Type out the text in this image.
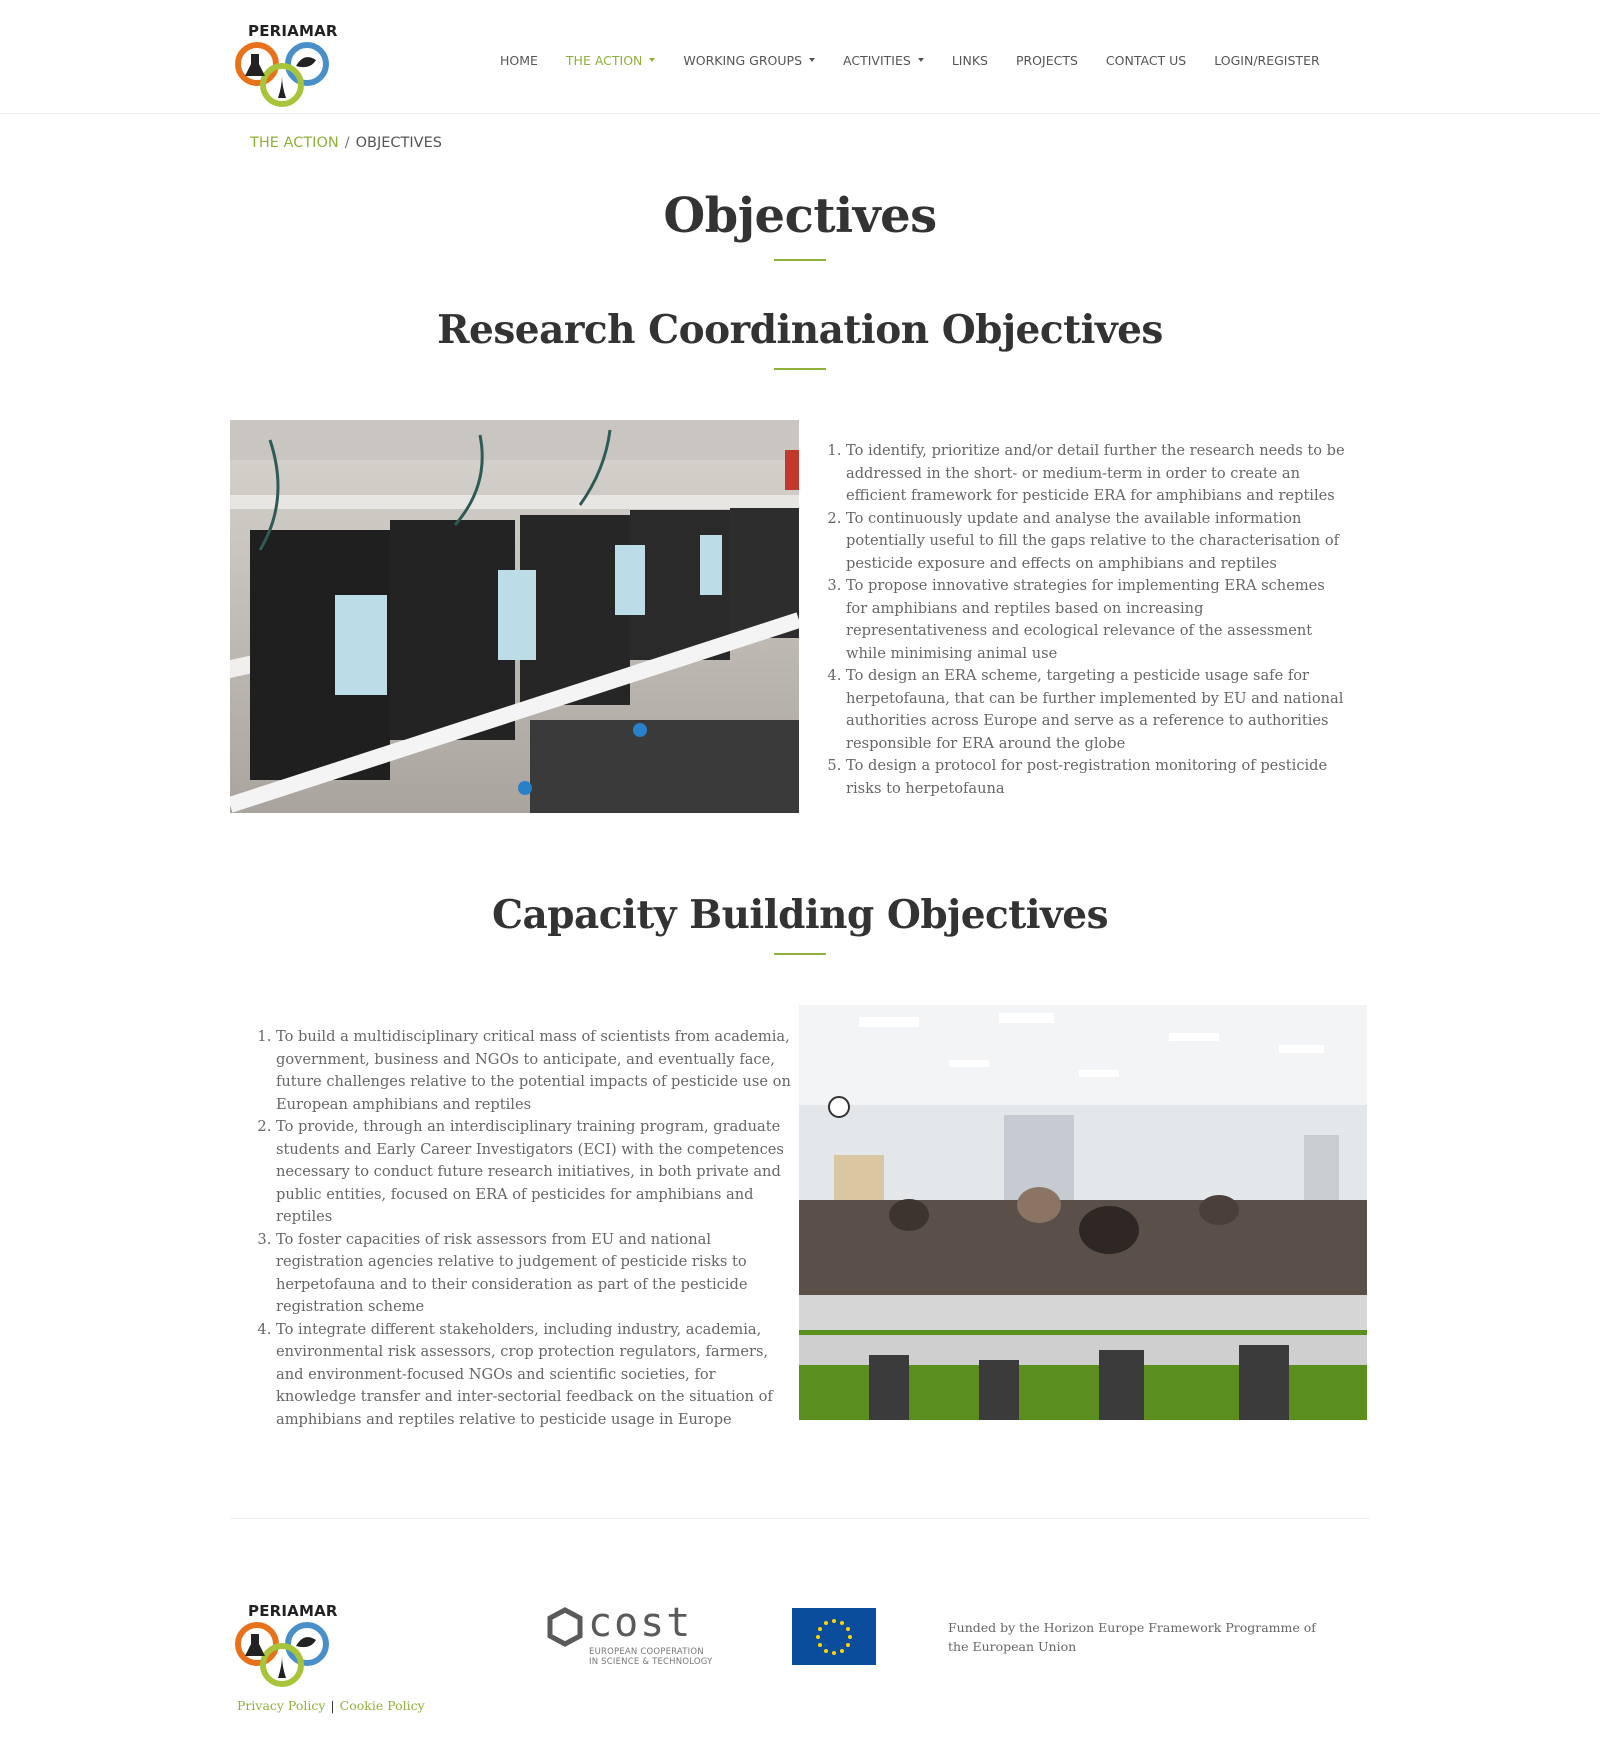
PERIAMAR
HOME THE ACTION	WORKING GROUPS	ACTIVITIES	LINKS PROJECTS CONTACT US LOGIN/REGISTER
THE ACTION / OBJECTIVES
Objectives
Research Coordination Objectives
1. To identify, prioritize and/or detail further the research needs to be addressed in the short- or medium-term in order to create an efficient framework for pesticide ERA for amphibians and reptiles
2. To continuously update and analyse the available information potentially useful to fill the gaps relative to the characterisation of pesticide exposure and effects on amphibians and reptiles
3. To propose innovative strategies for implementing ERA schemes for amphibians and reptiles based on increasing representativeness and ecological relevance of the assessment while minimising animal use
4. To design an ERA scheme, targeting a pesticide usage safe for herpetofauna, that can be further implemented by EU and national authorities across Europe and serve as a reference to authorities responsible for ERA around the globe
5. To design a protocol for post-registration monitoring of pesticide risks to herpetofauna
Capacity Building Objectives
1. To build a multidisciplinary critical mass of scientists from academia, government, business and NGOs to anticipate, and eventually face, future challenges relative to the potential impacts of pesticide use on European amphibians and reptiles
2. To provide, through an interdisciplinary training program, graduate students and Early Career Investigators (ECI) with the competences necessary to conduct future research initiatives, in both private and public entities, focused on ERA of pesticides for amphibians and reptiles
3. To foster capacities of risk assessors from EU and national registration agencies relative to judgement of pesticide risks to herpetofauna and to their consideration as part of the pesticide registration scheme
4. To integrate different stakeholders, including industry, academia, environmental risk assessors, crop protection regulators, farmers, and environment-focused NGOs and scientific societies, for knowledge transfer and inter-sectorial feedback on the situation of amphibians and reptiles relative to pesticide usage in Europe
PERIAMAR	cost
EUROPEAN COOPERATION
IN SCIENCE & TECHNOLOGY
Funded by the Horizon Europe Framework Programme of the European Union
Privacy Policy | Cookie Policy
